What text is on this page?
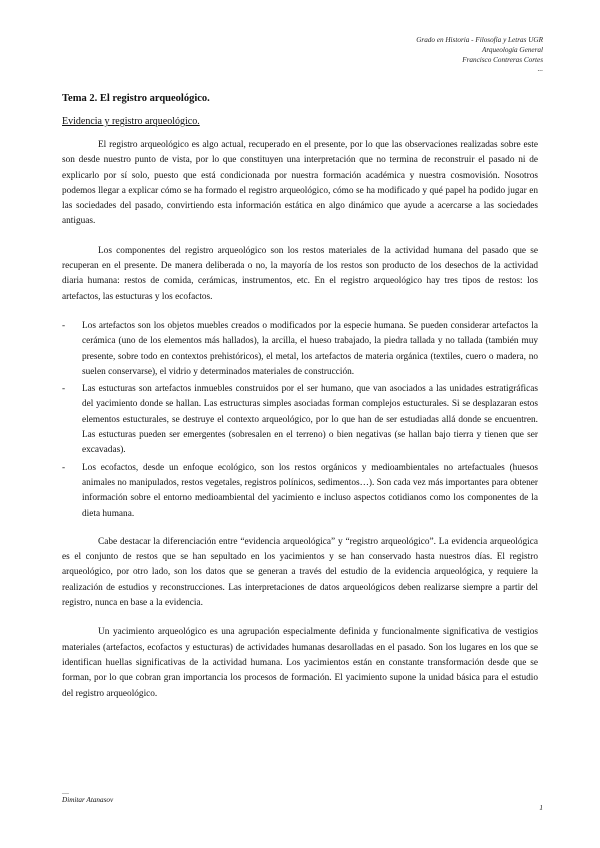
Grado en Historia - Filosofía y Letras UGR
Arqueología General
Francisco Contreras Cortes
...
Tema 2. El registro arqueológico.
Evidencia y registro arqueológico.

El registro arqueológico es algo actual, recuperado en el presente, por lo que las observaciones realizadas sobre este son desde nuestro punto de vista, por lo que constituyen una interpretación que no termina de reconstruir el pasado ni de explicarlo por sí solo, puesto que está condicionada por nuestra formación académica y nuestra cosmovisión. Nosotros podemos llegar a explicar cómo se ha formado el registro arqueológico, cómo se ha modificado y qué papel ha podido jugar en las sociedades del pasado, convirtiendo esta información estática en algo dinámico que ayude a acercarse a las sociedades antiguas.

Los componentes del registro arqueológico son los restos materiales de la actividad humana del pasado que se recuperan en el presente. De manera deliberada o no, la mayoría de los restos son producto de los desechos de la actividad diaria humana: restos de comida, cerámicas, instrumentos, etc. En el registro arqueológico hay tres tipos de restos: los artefactos, las estucturas y los ecofactos.

- Los artefactos son los objetos muebles creados o modificados por la especie humana. Se pueden considerar artefactos la cerámica (uno de los elementos más hallados), la arcilla, el hueso trabajado, la piedra tallada y no tallada (también muy presente, sobre todo en contextos prehistóricos), el metal, los artefactos de materia orgánica (textiles, cuero o madera, no suelen conservarse), el vidrio y determinados materiales de construcción.
- Las estucturas son artefactos inmuebles construidos por el ser humano, que van asociados a las unidades estratigráficas del yacimiento donde se hallan. Las estructuras simples asociadas forman complejos estucturales. Si se desplazaran estos elementos estucturales, se destruye el contexto arqueológico, por lo que han de ser estudiadas allá donde se encuentren. Las estucturas pueden ser emergentes (sobresalen en el terreno) o bien negativas (se hallan bajo tierra y tienen que ser excavadas).
- Los ecofactos, desde un enfoque ecológico, son los restos orgánicos y medioambientales no artefactuales (huesos animales no manipulados, restos vegetales, registros polínicos, sedimentos…). Son cada vez más importantes para obtener información sobre el entorno medioambiental del yacimiento e incluso aspectos cotidianos como los componentes de la dieta humana.

Cabe destacar la diferenciación entre “evidencia arqueológica” y “registro arqueológico”. La evidencia arqueológica es el conjunto de restos que se han sepultado en los yacimientos y se han conservado hasta nuestros días. El registro arqueológico, por otro lado, son los datos que se generan a través del estudio de la evidencia arqueológica, y requiere la realización de estudios y reconstrucciones. Las interpretaciones de datos arqueológicos deben realizarse siempre a partir del registro, nunca en base a la evidencia.

Un yacimiento arqueológico es una agrupación especialmente definida y funcionalmente significativa de vestigios materiales (artefactos, ecofactos y estucturas) de actividades humanas desarolladas en el pasado. Son los lugares en los que se identifican huellas significativas de la actividad humana. Los yacimientos están en constante transformación desde que se forman, por lo que cobran gran importancia los procesos de formación. El yacimiento supone la unidad básica para el estudio del registro arqueológico.

__
Dimitar Atanasov
1
